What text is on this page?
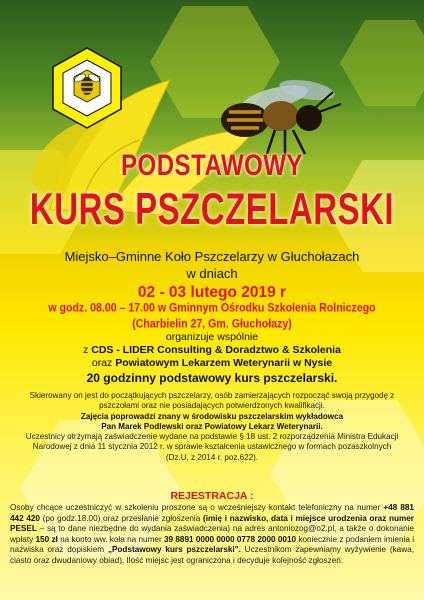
PODSTAWOWY
KURS PSZCZELARSKI
Miejsko–Gminne Koło Pszczelarzy w Głuchołazach
w dniach
02 - 03 lutego 2019 r
w godz. 08.00 – 17.00 w Gminnym Ośrodku Szkolenia Rolniczego
(Charbielin 27, Gm. Głuchołazy)
organizuje wspólnie
z CDS - LIDER Consulting & Doradztwo & Szkolenia
oraz Powiatowym Lekarzem Weterynarii w Nysie
20 godzinny podstawowy kurs pszczelarski.
Skierowany on jest do początkujących pszczelarzy, osób zamierzających rozpocząć swoją przygodę z pszczołami oraz nie posiadających potwierdzonych kwalifikacji.
Zajęcia poprowadzi znany w środowisku pszczelarskim wykładowca
Pan Marek Podlewski oraz Powiatowy Lekarz Weterynarii.
Uczestnicy otrzymają zaświadczenie wydane na podstawie § 18 ust. 2 rozporządzenia Ministra Edukacji Narodowej z dnia 11 stycznia 2012 r. w sprawie kształcenia ustawicznego w formach pozaszkolnych (Dz.U. z 2014 r. poz.622).
REJESTRACJA :
Osoby chcące uczestniczyć w szkoleniu proszone są o wcześniejszy kontakt telefoniczny na numer +48 881 442 420 (po godz.18.00) oraz przesłanie zgłoszenia (imię i nazwisko, data i miejsce urodzenia oraz numer PESEL – są to dane niezbędne do wydania zaświadczenia) na adres antonioz​og@o2.pl, a także o dokonanie wpłaty 150 zł na konto ww. koła na numer 39 8891 0000 0000 0778 2000 0010 koniecznie z podaniem imienia i nazwiska oraz dopiskiem „Podstawowy kurs pszczelarski". Uczestnikom zapewniamy wyżywienie (kawa, ciasto oraz dwudaniowy obiad). Ilość miejsc jest ograniczona i decyduje kolejność zgłoszeń.
